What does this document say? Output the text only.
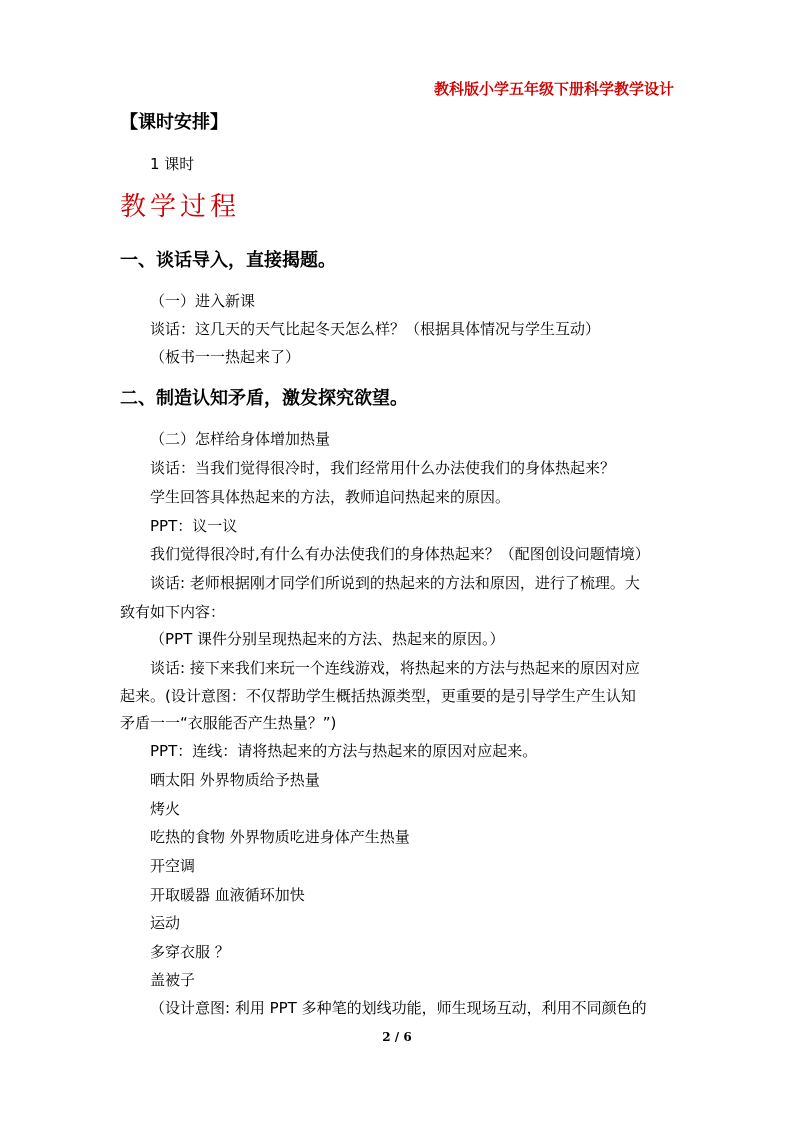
教科版小学五年级下册科学教学设计
【课时安排】
1 课时
教学过程
一、谈话导入，直接揭题。
（一）进入新课
谈话：这几天的天气比起冬天怎么样？（根据具体情况与学生互动）
（板书一一热起来了）
二、制造认知矛盾，激发探究欲望。
（二）怎样给身体增加热量
谈话：当我们觉得很冷时，我们经常用什么办法使我们的身体热起来？
学生回答具体热起来的方法，教师追问热起来的原因。
PPT：议一议
我们觉得很冷时,有什么有办法使我们的身体热起来？（配图创设问题情境）
谈话: 老师根据刚才同学们所说到的热起来的方法和原因，进行了梳理。大
致有如下内容：
（PPT 课件分别呈现热起来的方法、热起来的原因。）
谈话: 接下来我们来玩一个连线游戏，将热起来的方法与热起来的原因对应
起来。(设计意图：不仅帮助学生概括热源类型，更重要的是引导学生产生认知
矛盾一一“衣服能否产生热量？”)
PPT：连线：请将热起来的方法与热起来的原因对应起来。
晒太阳 外界物质给予热量
烤火
吃热的食物 外界物质吃进身体产生热量
开空调
开取暖器 血液循环加快
运动
多穿衣服 ？
盖被子
（设计意图: 利用 PPT 多种笔的划线功能，师生现场互动，利用不同颜色的
2 / 6
